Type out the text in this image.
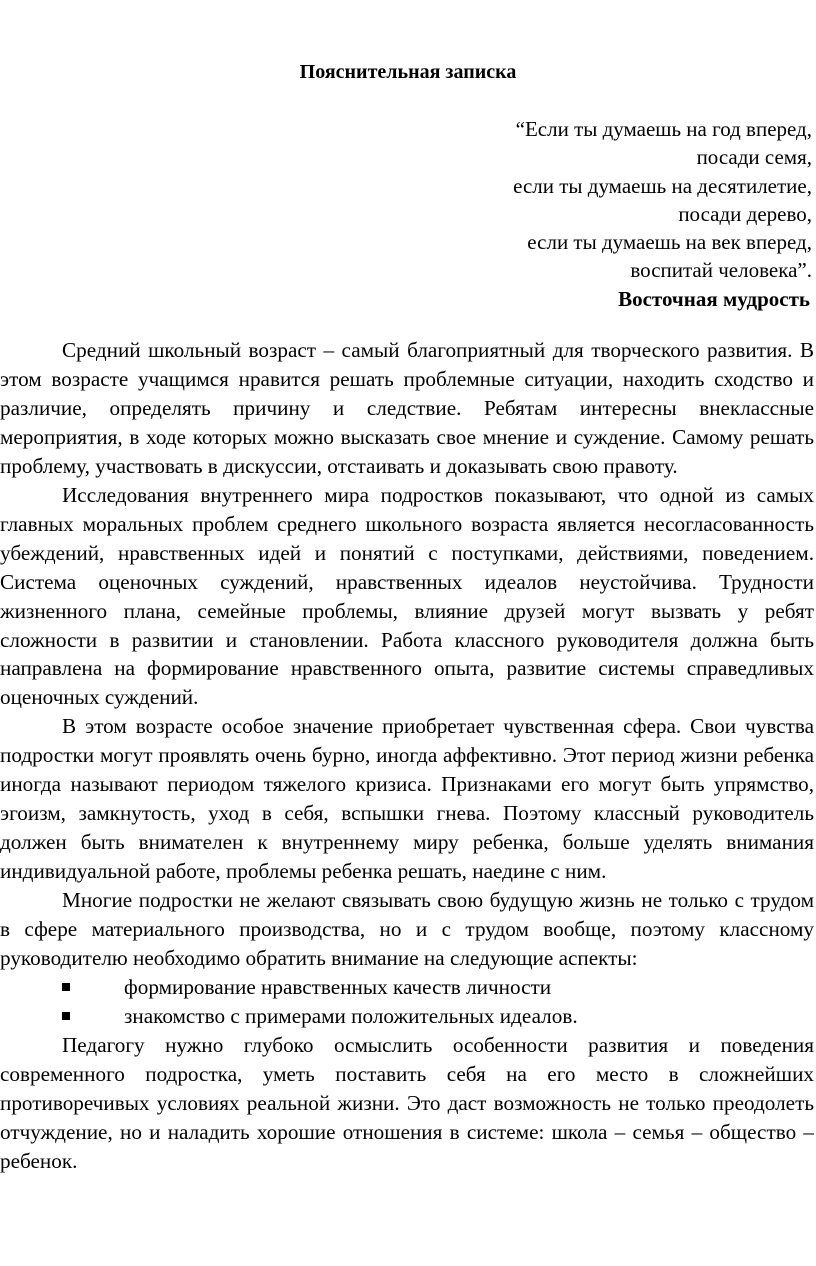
Пояснительная записка
“Если ты думаешь на год вперед,
посади семя,
если ты думаешь на десятилетие,
посади дерево,
если ты думаешь на век вперед,
воспитай человека”.
Восточная мудрость

Средний школьный возраст – самый благоприятный для творческого развития. В этом возрасте учащимся нравится решать проблемные ситуации, находить сходство и различие, определять причину и следствие. Ребятам интересны внеклассные мероприятия, в ходе которых можно высказать свое мнение и суждение. Самому решать проблему, участвовать в дискуссии, отстаивать и доказывать свою правоту.

Исследования внутреннего мира подростков показывают, что одной из самых главных моральных проблем среднего школьного возраста является несогласованность убеждений, нравственных идей и понятий с поступками, действиями, поведением. Система оценочных суждений, нравственных идеалов неустойчива. Трудности жизненного плана, семейные проблемы, влияние друзей могут вызвать у ребят сложности в развитии и становлении. Работа классного руководителя должна быть направлена на формирование нравственного опыта, развитие системы справедливых оценочных суждений.

В этом возрасте особое значение приобретает чувственная сфера. Свои чувства подростки могут проявлять очень бурно, иногда аффективно. Этот период жизни ребенка иногда называют периодом тяжелого кризиса. Признаками его могут быть упрямство, эгоизм, замкнутость, уход в себя, вспышки гнева. Поэтому классный руководитель должен быть внимателен к внутреннему миру ребенка, больше уделять внимания индивидуальной работе, проблемы ребенка решать, наедине с ним.

Многие подростки не желают связывать свою будущую жизнь не только с трудом в сфере материального производства, но и с трудом вообще, поэтому классному руководителю необходимо обратить внимание на следующие аспекты:

формирование нравственных качеств личности
знакомство с примерами положительных идеалов.

Педагогу нужно глубоко осмыслить особенности развития и поведения современного подростка, уметь поставить себя на его место в сложнейших противоречивых условиях реальной жизни. Это даст возможность не только преодолеть отчуждение, но и наладить хорошие отношения в системе: школа – семья – общество – ребенок.
